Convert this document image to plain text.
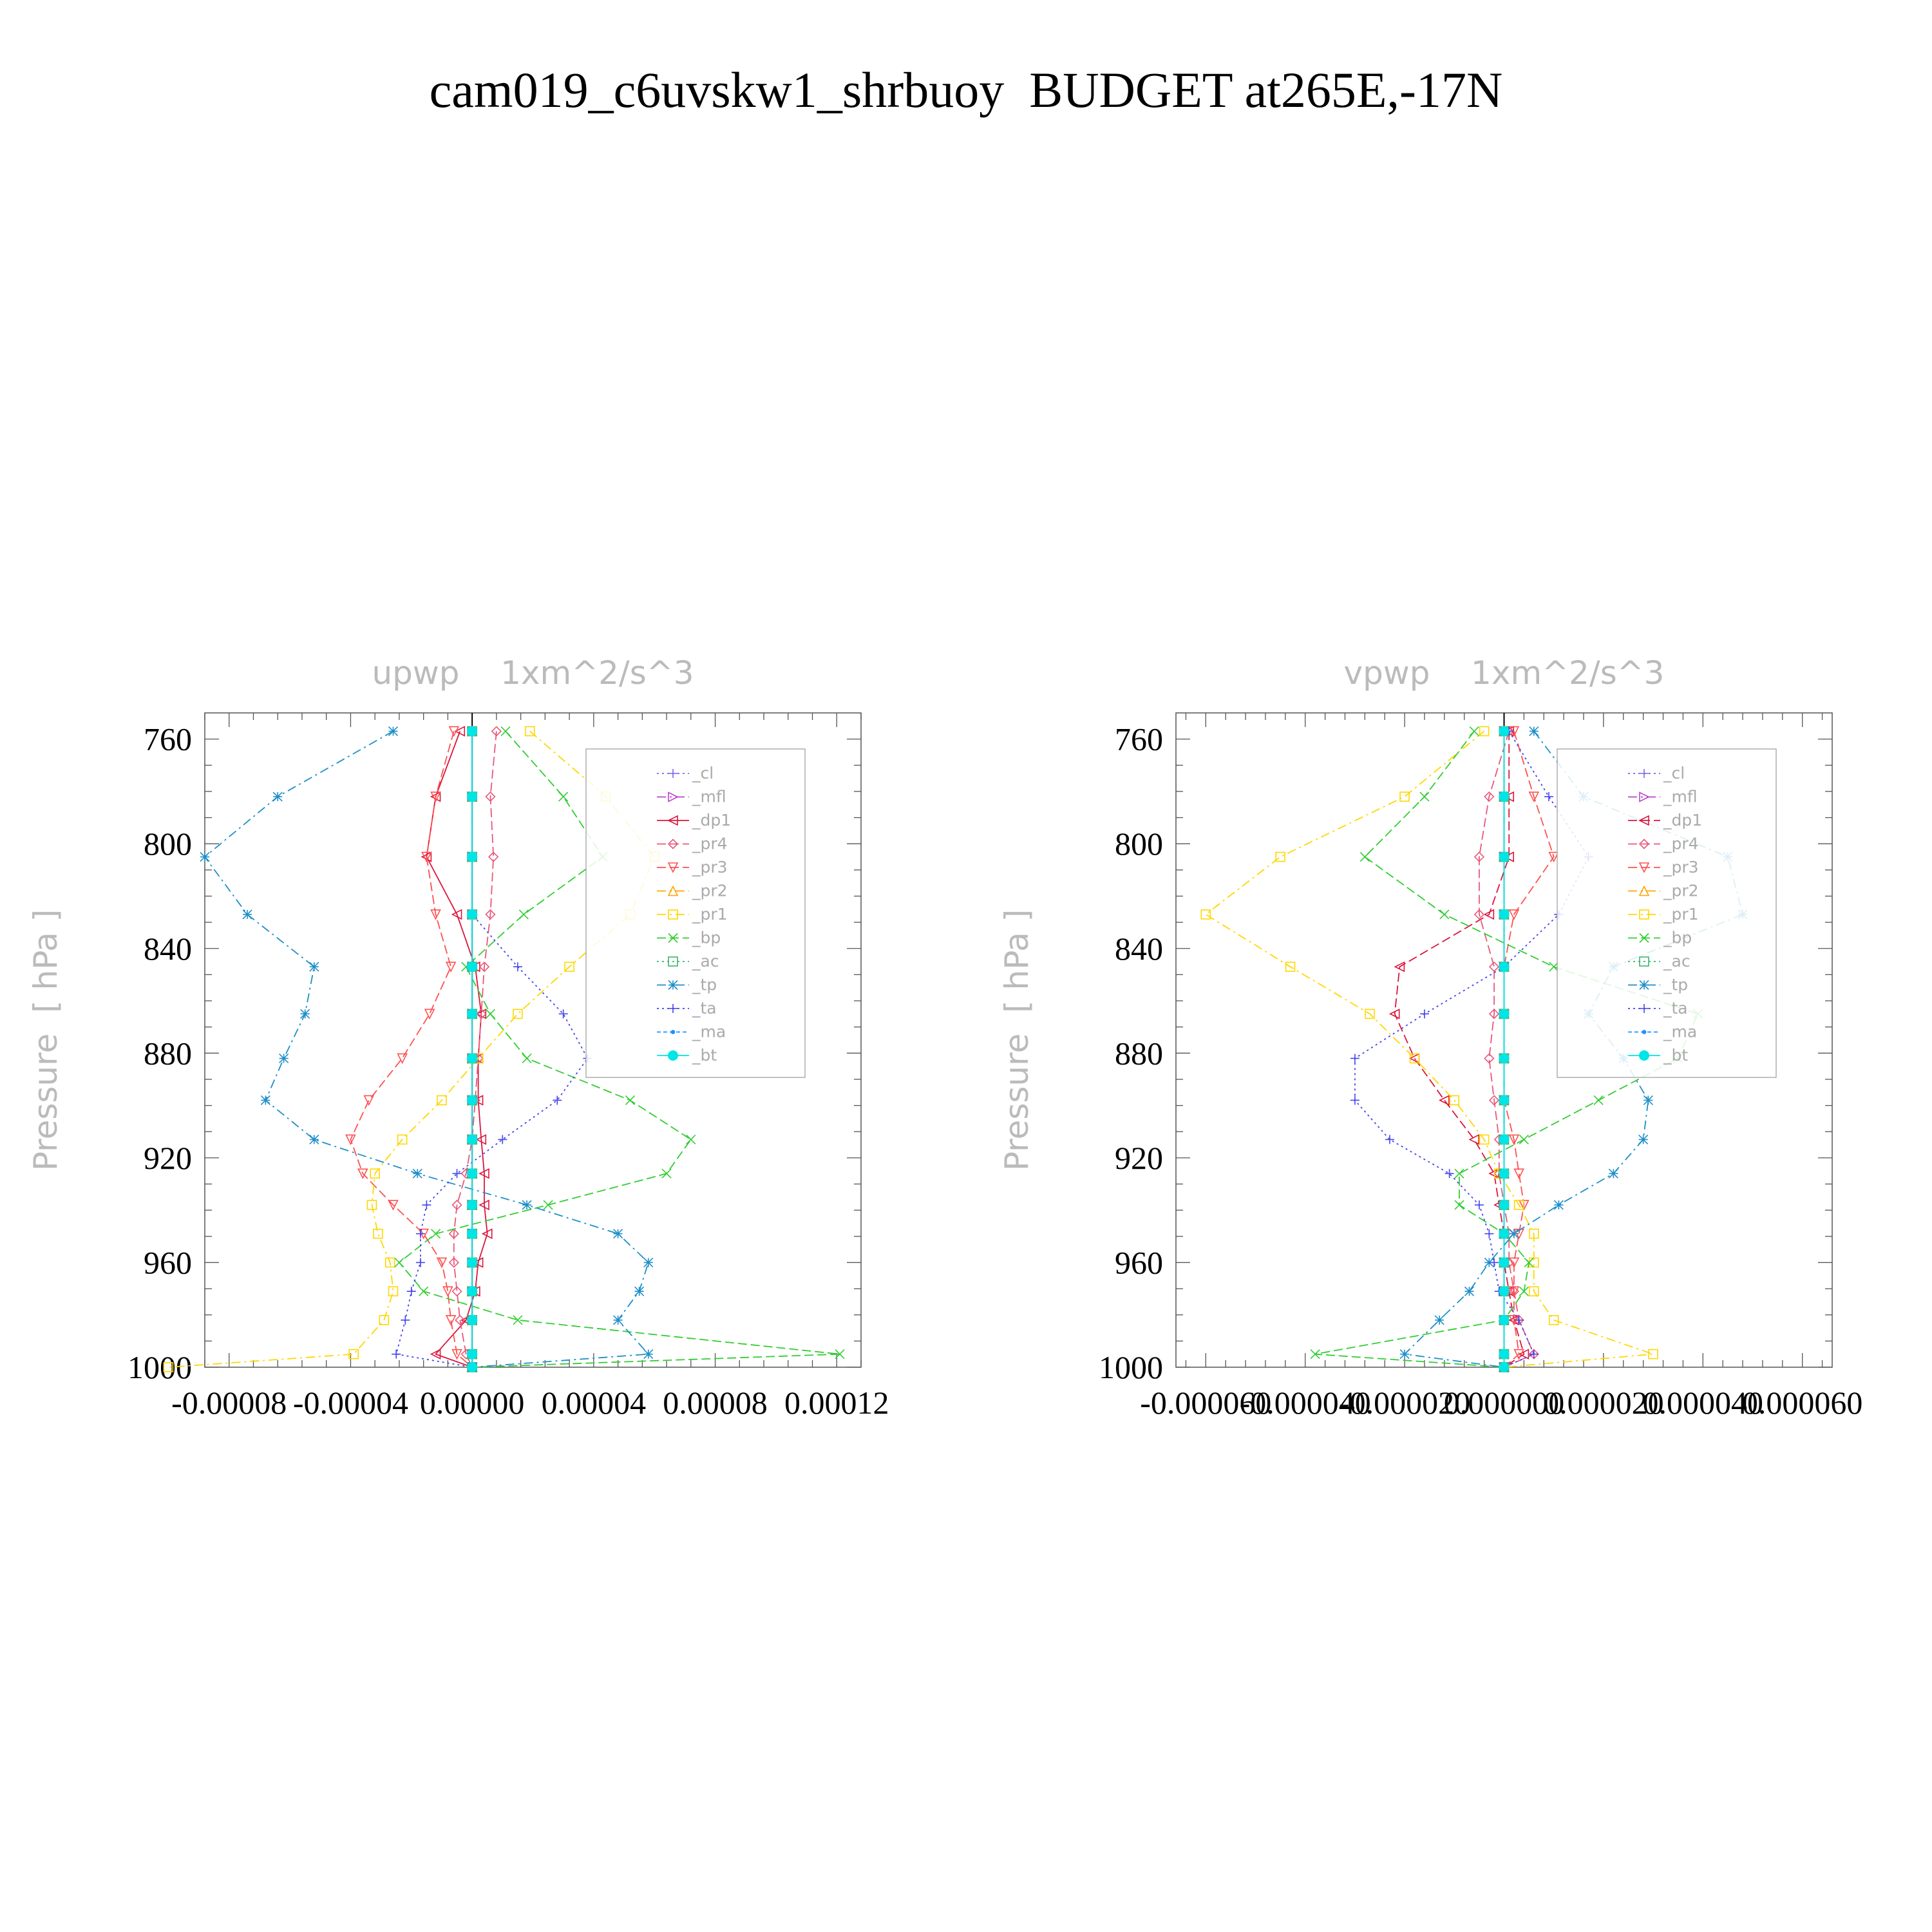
cam019_c6uvskw1_shrbuoy  BUDGET at265E,-17N
upwp    1xm^2/s^3
Pressure  [ hPa ]
760
800
840
880
920
960
1000
-0.00008 -0.00004 0.00000 0.00004 0.00008 0.00012
_cl
_mfl
_dp1
_pr4
_pr3
_pr2
_pr1
_bp
_ac
_tp
_ta
_ma
_bt
vpwp    1xm^2/s^3
Pressure  [ hPa ]
760
800
840
880
920
960
1000
-0.000060
-0.000040
-0.000020
0.000000
0.000020
0.000040
0.000060
_cl
_mfl
_dp1
_pr4
_pr3
_pr2
_pr1
_bp
_ac
_tp
_ta
_ma
_bt
